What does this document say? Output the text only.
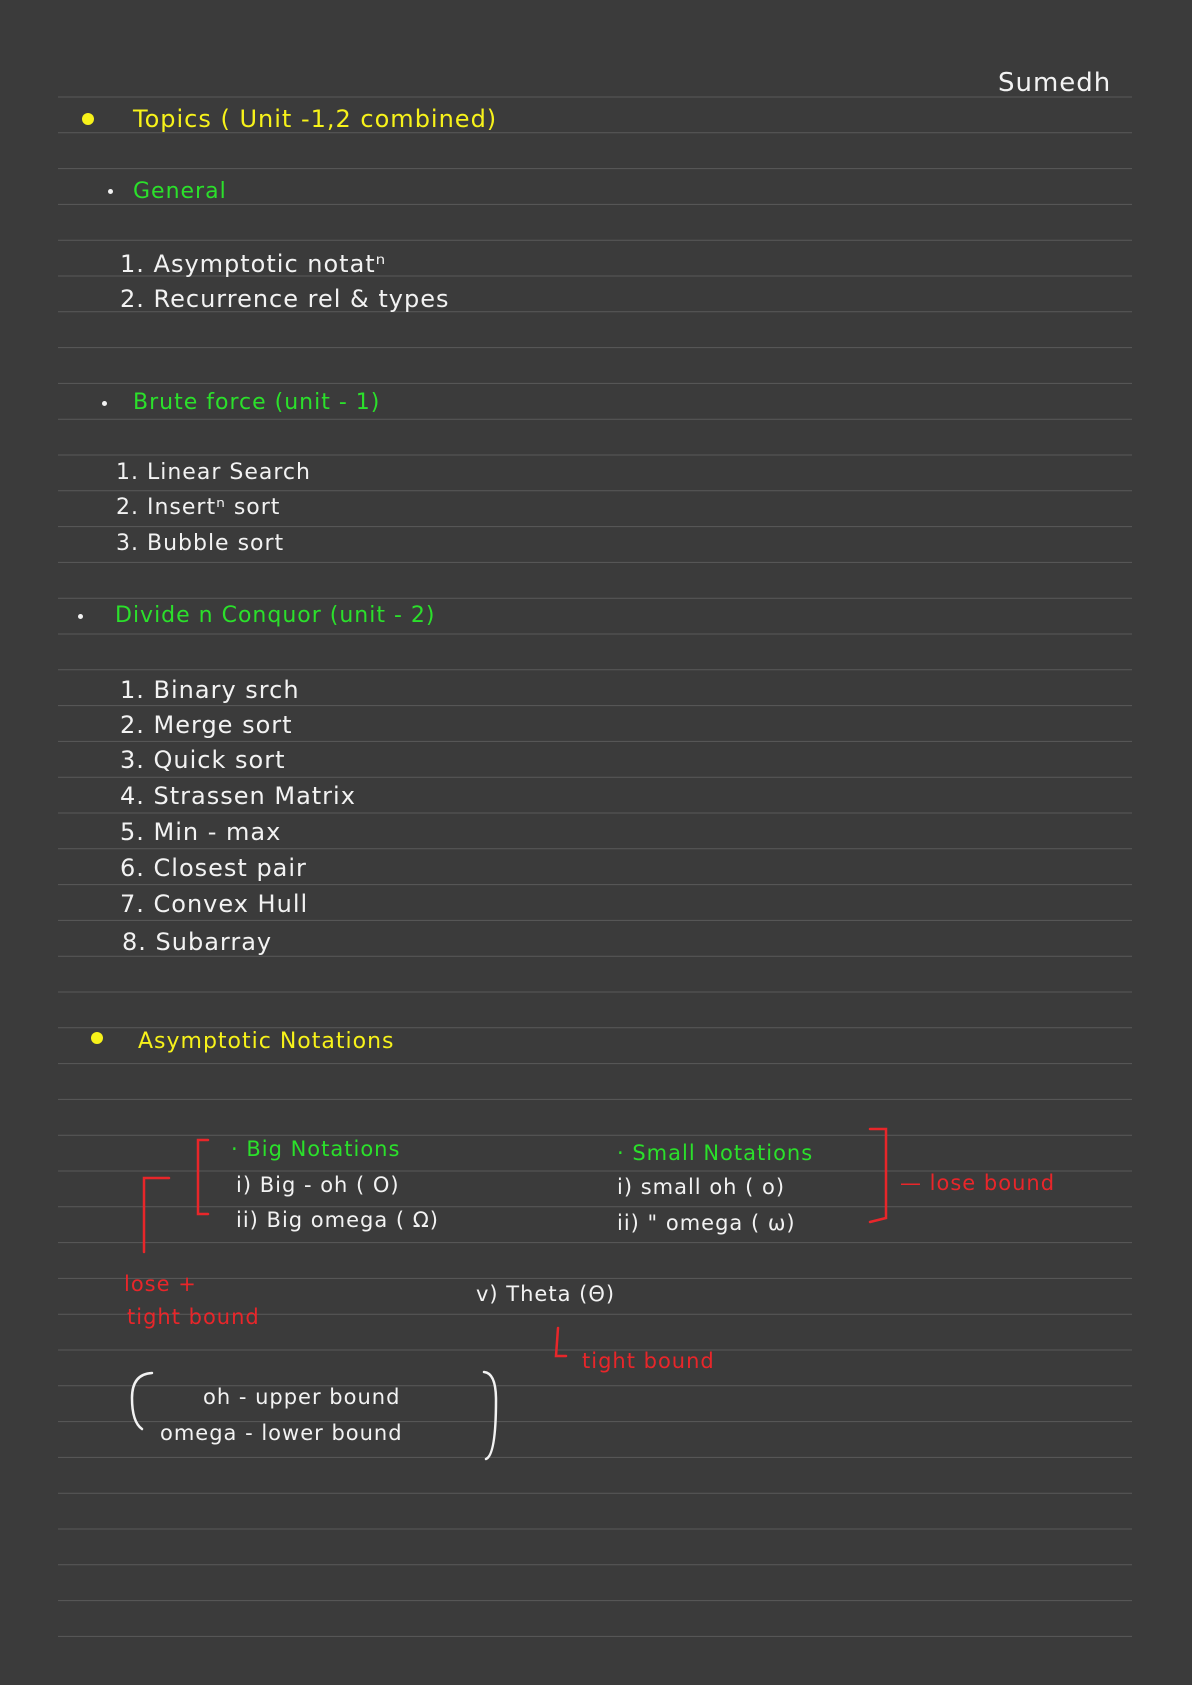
Sumedh
Topics ( Unit -1,2 combined)
General
1. Asymptotic notatⁿ
2. Recurrence rel & types
Brute force (unit - 1)
1. Linear Search
2. Insertⁿ sort
3. Bubble sort
Divide n Conquor (unit - 2)
1. Binary srch
2. Merge sort
3. Quick sort
4. Strassen Matrix
5. Min - max
6. Closest pair
7. Convex Hull
8. Subarray
Asymptotic Notations
· Big Notations
i) Big - oh ( O)
ii) Big omega ( Ω)
· Small Notations
i) small oh ( o)
ii) " omega ( ω)
— lose bound
lose +
tight bound
v) Theta (Θ)
tight bound
oh - upper bound
omega - lower bound
